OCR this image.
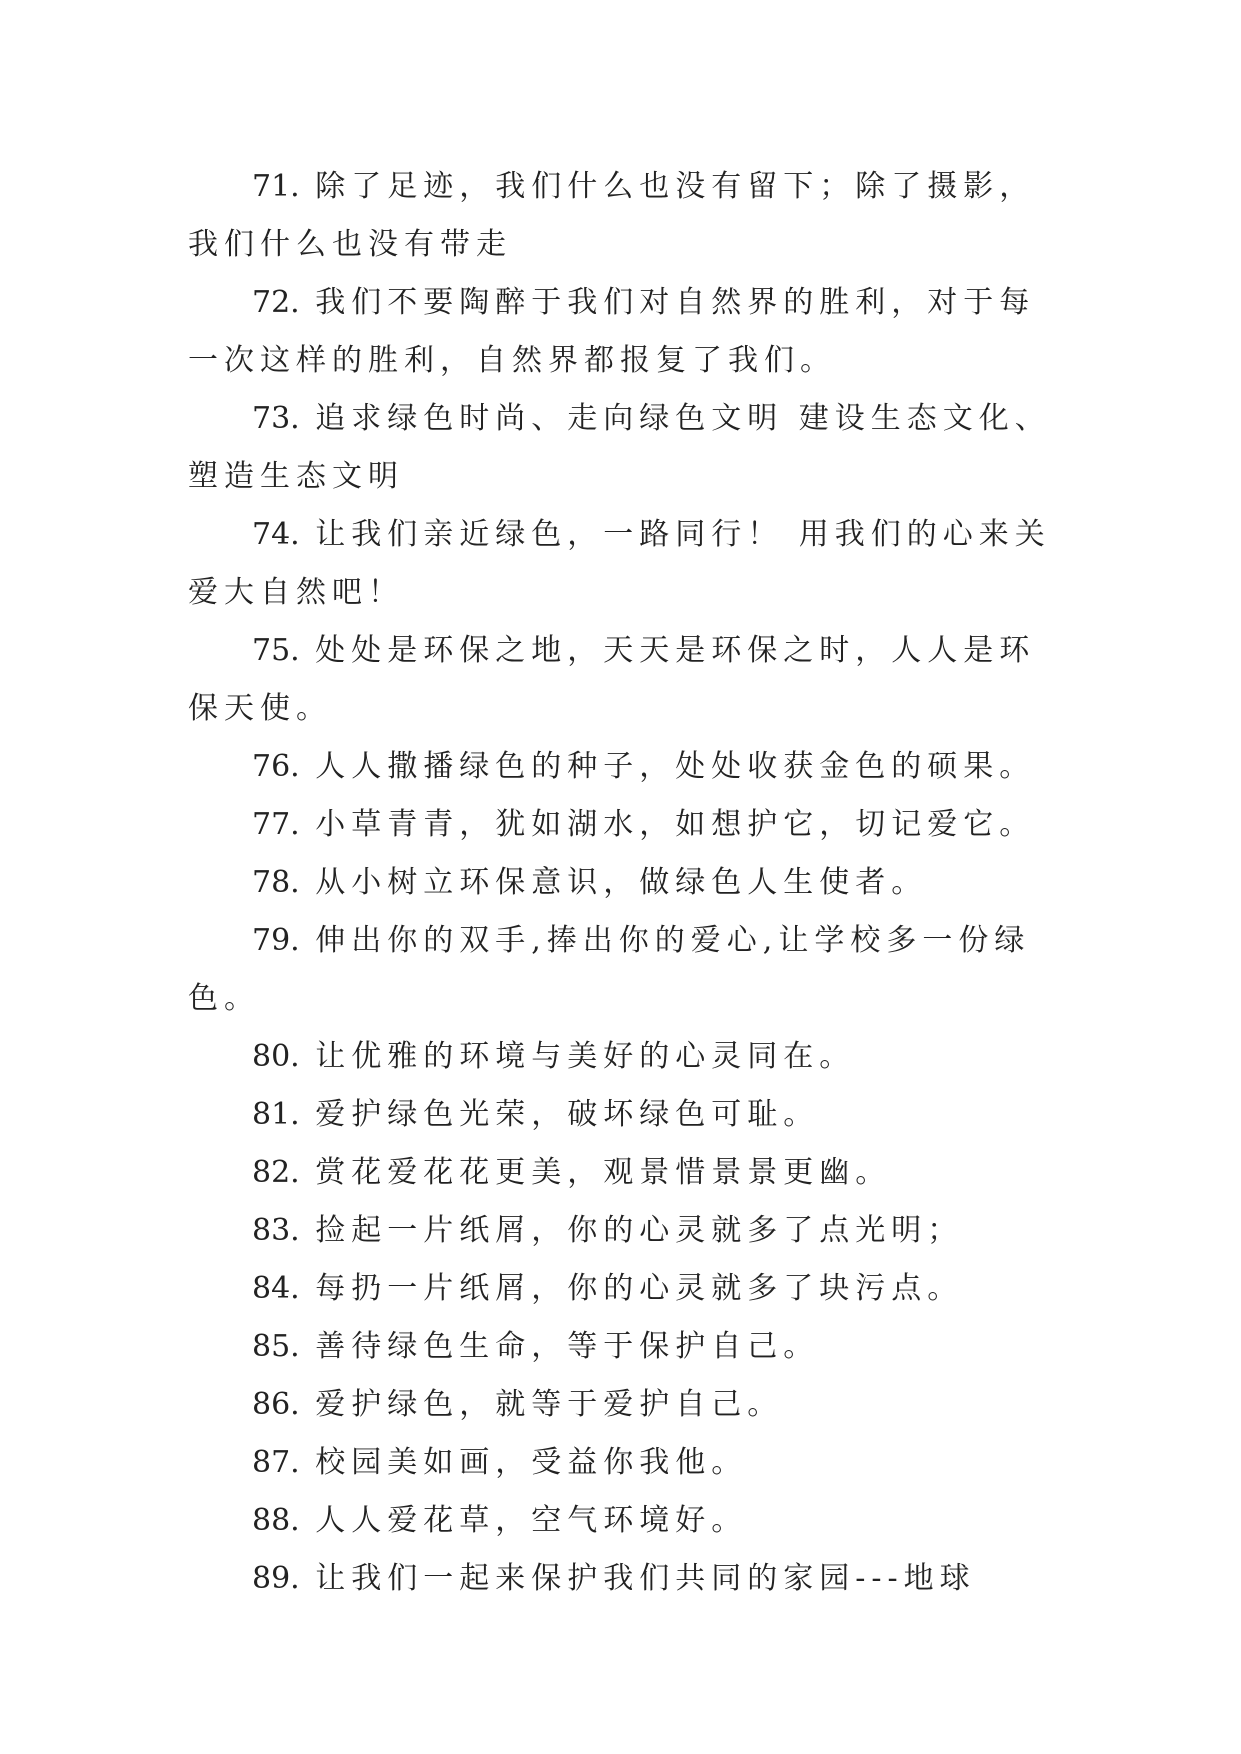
71. 除了足迹，我们什么也没有留下；除了摄影，我们什么也没有带走

72. 我们不要陶醉于我们对自然界的胜利，对于每一次这样的胜利，自然界都报复了我们。

73. 追求绿色时尚、走向绿色文明 建设生态文化、塑造生态文明

74. 让我们亲近绿色，一路同行！ 用我们的心来关爱大自然吧！

75. 处处是环保之地，天天是环保之时，人人是环保天使。

76. 人人撒播绿色的种子，处处收获金色的硕果。

77. 小草青青，犹如湖水，如想护它，切记爱它。

78. 从小树立环保意识，做绿色人生使者。

79. 伸出你的双手,捧出你的爱心,让学校多一份绿色。

80. 让优雅的环境与美好的心灵同在。

81. 爱护绿色光荣，破坏绿色可耻。

82. 赏花爱花花更美，观景惜景景更幽。

83. 捡起一片纸屑，你的心灵就多了点光明；

84. 每扔一片纸屑，你的心灵就多了块污点。

85. 善待绿色生命，等于保护自己。

86. 爱护绿色，就等于爱护自己。

87. 校园美如画，受益你我他。

88. 人人爱花草，空气环境好。

89. 让我们一起来保护我们共同的家园---地球
